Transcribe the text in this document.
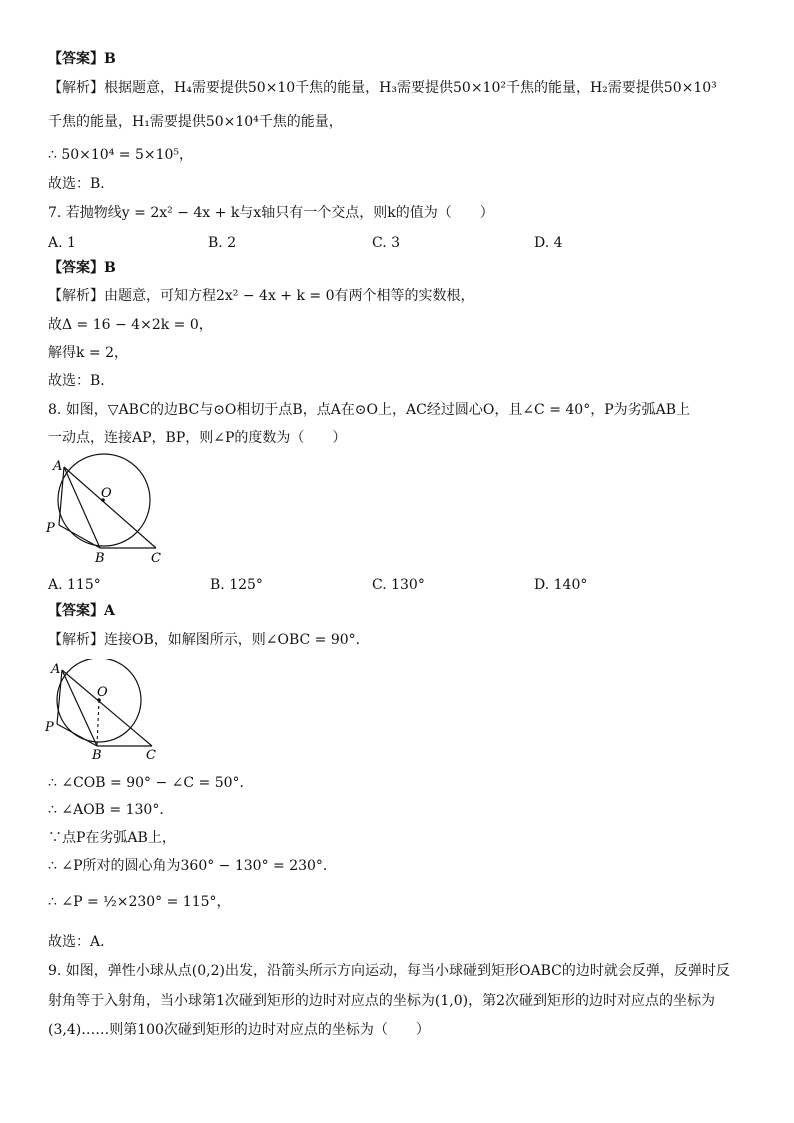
【答案】B
【解析】根据题意，H₄需要提供50×10千焦的能量，H₃需要提供50×10²千焦的能量，H₂需要提供50×10³
千焦的能量，H₁需要提供50×10⁴千焦的能量，
∴ 50×10⁴ = 5×10⁵，
故选：B．
7. 若抛物线y = 2x² − 4x + k与x轴只有一个交点，则k的值为（　　）
A. 1	B. 2	C. 3	D. 4
【答案】B
【解析】由题意，可知方程2x² − 4x + k = 0有两个相等的实数根，
故Δ = 16 − 4×2k = 0，
解得k = 2，
故选：B．
8. 如图，▽ABC的边BC与⊙O相切于点B，点A在⊙O上，AC经过圆心O，且∠C = 40°，P为劣弧AB上
一动点，连接AP，BP，则∠P的度数为（　　）
A
O
P
B	C
A. 115°	B. 125°	C. 130°	D. 140°
【答案】A
【解析】连接OB，如解图所示，则∠OBC = 90°．
A
O
P
B	C
∴ ∠COB = 90° − ∠C = 50°．
∴ ∠AOB = 130°．
∵点P在劣弧AB上，
∴ ∠P所对的圆心角为360° − 130° = 230°．
∴ ∠P = ½×230° = 115°，
故选：A．
9. 如图，弹性小球从点(0,2)出发，沿箭头所示方向运动，每当小球碰到矩形OABC的边时就会反弹，反弹时反
射角等于入射角，当小球第1次碰到矩形的边时对应点的坐标为(1,0)，第2次碰到矩形的边时对应点的坐标为
(3,4)……则第100次碰到矩形的边时对应点的坐标为（　　）
